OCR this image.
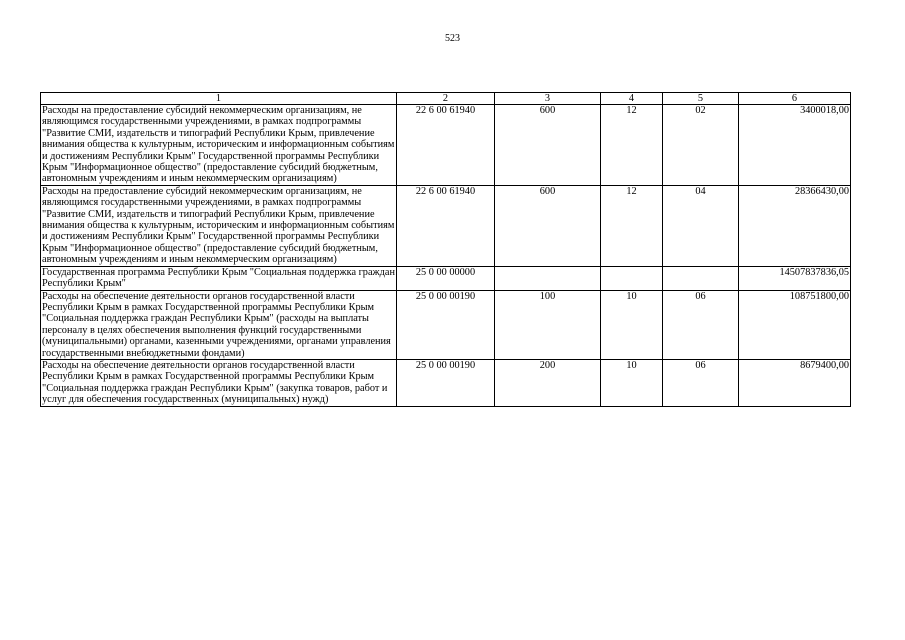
523
1	2	3	4	5	6
Расходы на предоставление субсидий некоммерческим организациям, не являющимся государственными учреждениями, в рамках подпрограммы "Развитие СМИ, издательств и типографий Республики Крым, привлечение внимания общества к культурным, историческим и информационным событиям и достижениям Республики Крым" Государственной программы Республики Крым "Информационное общество" (предоставление субсидий бюджетным, автономным учреждениям и иным некоммерческим организациям)	22 6 00 61940	600	12	02	3400018,00
Расходы на предоставление субсидий некоммерческим организациям, не являющимся государственными учреждениями, в рамках подпрограммы "Развитие СМИ, издательств и типографий Республики Крым, привлечение внимания общества к культурным, историческим и информационным событиям и достижениям Республики Крым" Государственной программы Республики Крым "Информационное общество" (предоставление субсидий бюджетным, автономным учреждениям и иным некоммерческим организациям)	22 6 00 61940	600	12	04	28366430,00
Государственная программа Республики Крым "Социальная поддержка граждан Республики Крым"	25 0 00 00000				14507837836,05
Расходы на обеспечение деятельности органов государственной власти Республики Крым в рамках Государственной программы Республики Крым "Социальная поддержка граждан Республики Крым" (расходы на выплаты персоналу в целях обеспечения выполнения функций государственными (муниципальными) органами, казенными учреждениями, органами управления государственными внебюджетными фондами)	25 0 00 00190	100	10	06	108751800,00
Расходы на обеспечение деятельности органов государственной власти Республики Крым в рамках Государственной программы Республики Крым "Социальная поддержка граждан Республики Крым" (закупка товаров, работ и услуг для обеспечения государственных (муниципальных) нужд)	25 0 00 00190	200	10	06	8679400,00
